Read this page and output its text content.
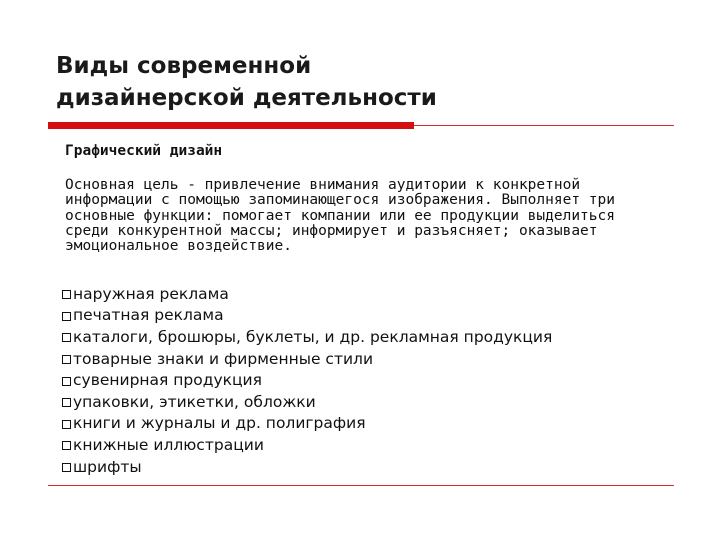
Виды современной
дизайнерской деятельности

Графический дизайн

Основная цель - привлечение внимания аудитории к конкретной информации с помощью запоминающегося изображения. Выполняет три основные функции: помогает компании или ее продукции выделиться среди конкурентной массы; информирует и разъясняет; оказывает эмоциональное воздействие.

наружная реклама
печатная реклама
каталоги, брошюры, буклеты, и др. рекламная продукция
товарные знаки и фирменные стили
сувенирная продукция
упаковки, этикетки, обложки
книги и журналы и др. полиграфия
книжные иллюстрации
шрифты
